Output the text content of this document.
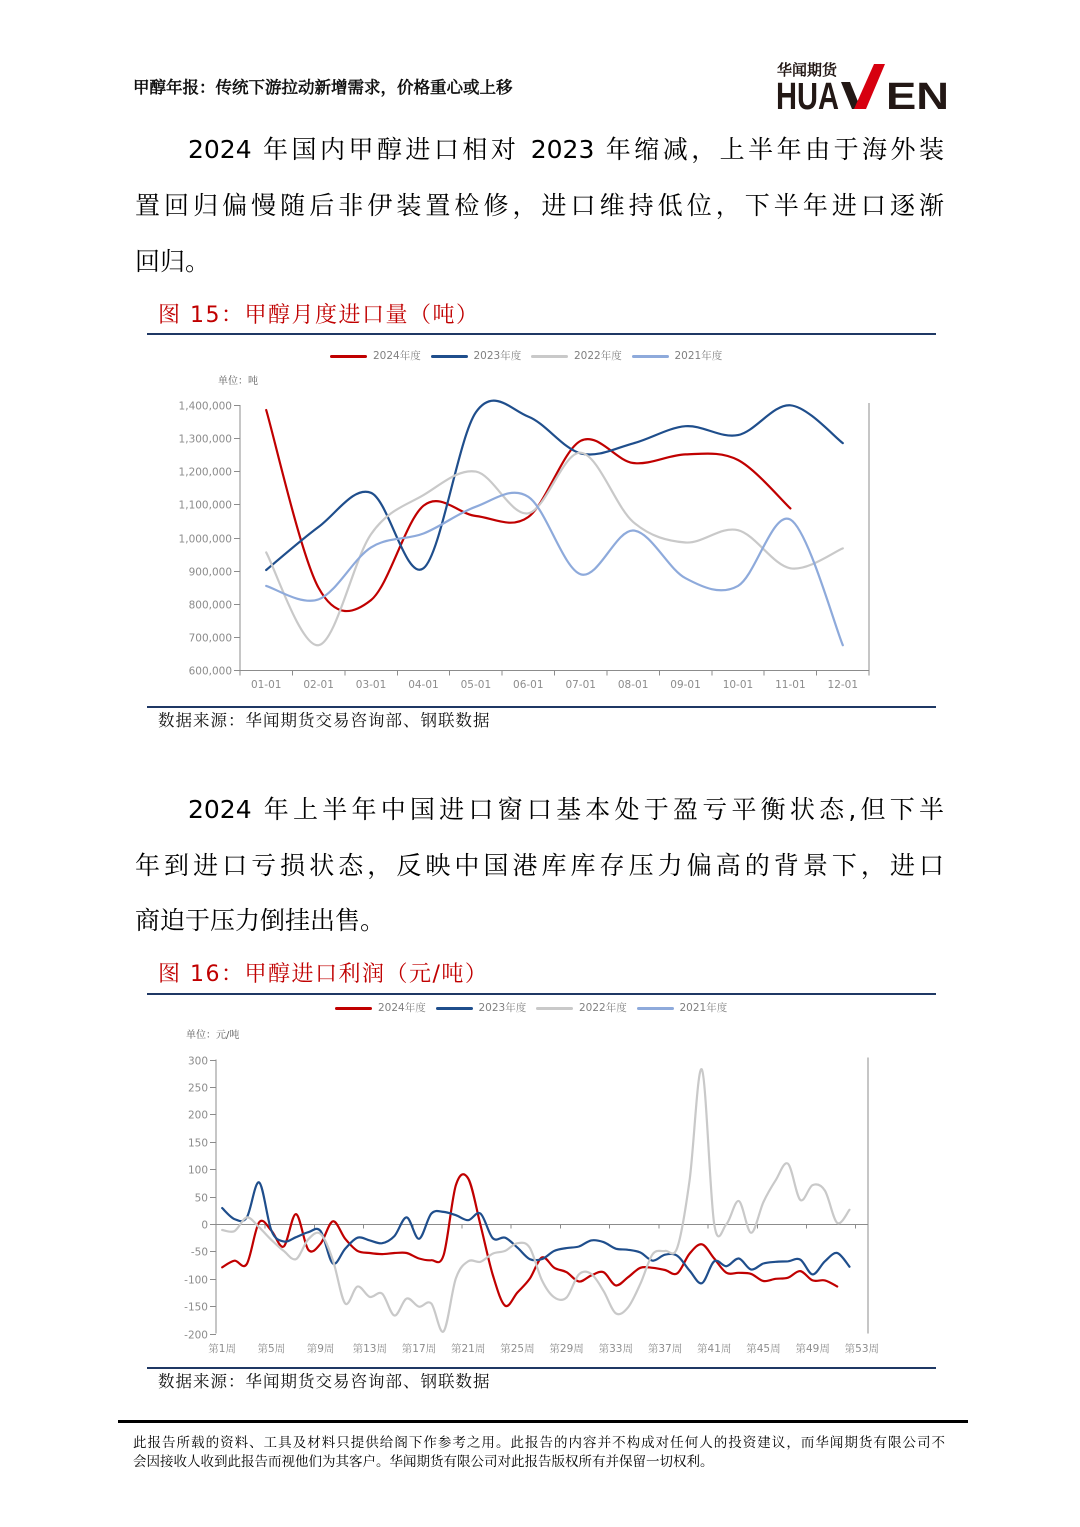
甲醇年报：传统下游拉动新增需求，价格重心或上移
华闻期货
HUA EN
2024 年国内甲醇进口相对 2023 年缩减，上半年由于海外装
置回归偏慢随后非伊装置检修，进口维持低位，下半年进口逐渐
回归。
图 15：甲醇月度进口量（吨）
2024年度	2023年度	2022年度	2021年度
单位：吨
1,400,000
1,300,000
1,200,000
1,100,000
1,000,000
900,000
800,000
700,000
600,000
01-01 02-01 03-01 04-01 05-01 06-01 07-01 08-01 09-01 10-01 11-01 12-01
数据来源：华闻期货交易咨询部、钢联数据
2024 年上半年中国进口窗口基本处于盈亏平衡状态,但下半
年到进口亏损状态，反映中国港库库存压力偏高的背景下，进口
商迫于压力倒挂出售。
图 16：甲醇进口利润（元/吨）
2024年度	2023年度	2022年度	2021年度
单位：元/吨
300
250
200
150
100
50
0
-50
-100
-150
-200
第1周 第5周 第9周 第13周 第17周 第21周 第25周 第29周 第33周 第37周 第41周 第45周 第49周 第53周
数据来源：华闻期货交易咨询部、钢联数据
此报告所载的资料、工具及材料只提供给阁下作参考之用。此报告的内容并不构成对任何人的投资建议，而华闻期货有限公司不
会因接收人收到此报告而视他们为其客户。华闻期货有限公司对此报告版权所有并保留一切权利。
